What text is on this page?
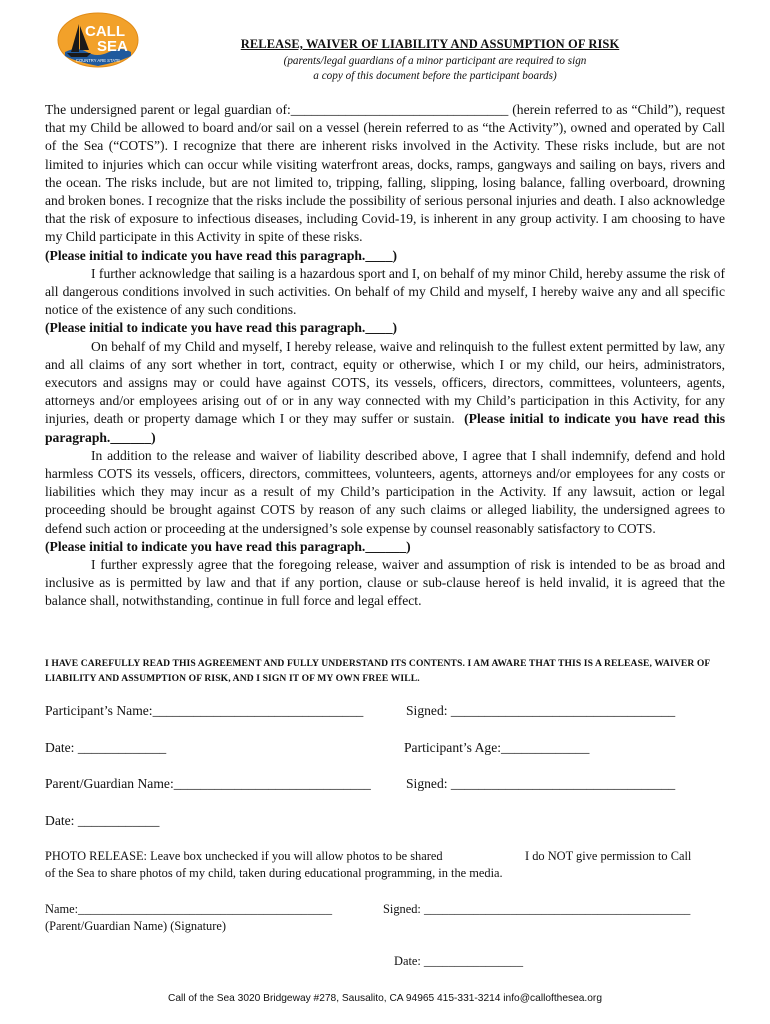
CALL
SEA
COUNTRY ARE STATE
RELEASE, WAIVER OF LIABILITY AND ASSUMPTION OF RISK
(parents/legal guardians of a minor participant are required to sign
a copy of this document before the participant boards)

The undersigned parent or legal guardian of:________________________________ (herein referred to as “Child”), request that my Child be allowed to board and/or sail on a vessel (herein referred to as “the Activity”), owned and operated by Call of the Sea (“COTS”). I recognize that there are inherent risks involved in the Activity. These risks include, but are not limited to injuries which can occur while visiting waterfront areas, docks, ramps, gangways and sailing on bays, rivers and the ocean. The risks include, but are not limited to, tripping, falling, slipping, losing balance, falling overboard, drowning and broken bones. I recognize that the risks include the possibility of serious personal injuries and death. I also acknowledge that the risk of exposure to infectious diseases, including Covid-19, is inherent in any group activity. I am choosing to have my Child participate in this Activity in spite of these risks.

(Please initial to indicate you have read this paragraph.____)

I further acknowledge that sailing is a hazardous sport and I, on behalf of my minor Child, hereby assume the risk of all dangerous conditions involved in such activities. On behalf of my Child and myself, I hereby waive any and all specific notice of the existence of any such conditions.

(Please initial to indicate you have read this paragraph.____)

On behalf of my Child and myself, I hereby release, waive and relinquish to the fullest extent permitted by law, any and all claims of any sort whether in tort, contract, equity or otherwise, which I or my child, our heirs, administrators, executors and assigns may or could have against COTS, its vessels, officers, directors, committees, volunteers, agents, attorneys and/or employees arising out of or in any way connected with my Child’s participation in this Activity, for any injuries, death or property damage which I or they may suffer or sustain. (Please initial to indicate you have read this paragraph.______)

In addition to the release and waiver of liability described above, I agree that I shall indemnify, defend and hold harmless COTS its vessels, officers, directors, committees, volunteers, agents, attorneys and/or employees for any costs or liabilities which they may incur as a result of my Child’s participation in the Activity. If any lawsuit, action or legal proceeding should be brought against COTS by reason of any such claims or alleged liability, the undersigned agrees to defend such action or proceeding at the undersigned’s sole expense by counsel reasonably satisfactory to COTS.

(Please initial to indicate you have read this paragraph.______)

I further expressly agree that the foregoing release, waiver and assumption of risk is intended to be as broad and inclusive as is permitted by law and that if any portion, clause or sub-clause hereof is held invalid, it is agreed that the balance shall, notwithstanding, continue in full force and legal effect.

I HAVE CAREFULLY READ THIS AGREEMENT AND FULLY UNDERSTAND ITS CONTENTS. I AM AWARE THAT THIS IS A RELEASE, WAIVER OF LIABILITY AND ASSUMPTION OF RISK, AND I SIGN IT OF MY OWN FREE WILL.
Participant’s Name:_______________________________	Signed: _________________________________
Date: _____________	Participant’s Age:_____________
Parent/Guardian Name:_____________________________	Signed: _________________________________
Date: ____________
PHOTO RELEASE: Leave box unchecked if you will allow photos to be shared	I do NOT give permission to Call
of the Sea to share photos of my child, taken during educational programming, in the media.
Name:_________________________________________	Signed: ___________________________________________
(Parent/Guardian Name) (Signature)
Date: ________________
Call of the Sea 3020 Bridgeway #278, Sausalito, CA 94965 415-331-3214 info@callofthesea.org
